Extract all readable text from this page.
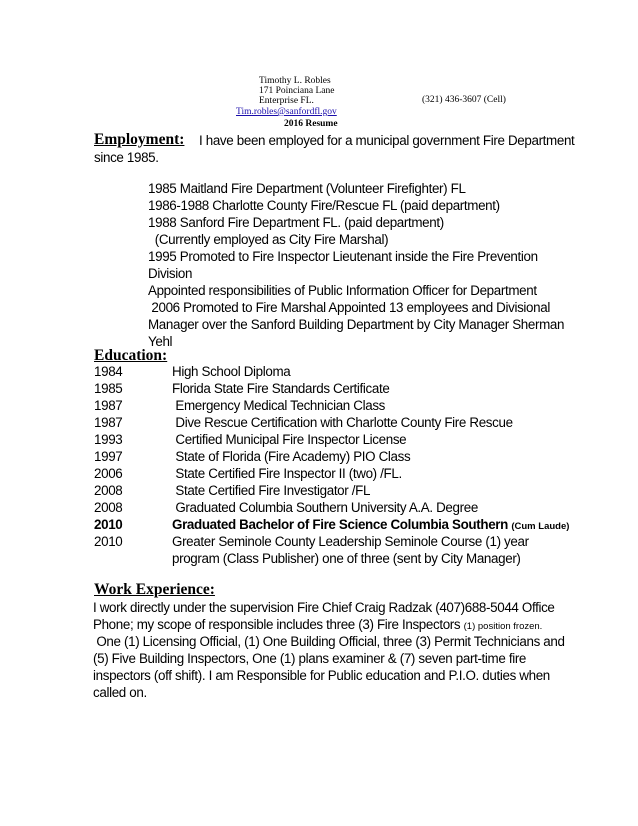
Timothy L. Robles
171 Poinciana Lane
Enterprise FL.	(321) 436-3607 (Cell)
Tim.robles@sanfordfl.gov
2016 Resume
Employment: I have been employed for a municipal government Fire Department
since 1985.
1985 Maitland Fire Department (Volunteer Firefighter) FL
1986-1988 Charlotte County Fire/Rescue FL (paid department)
1988 Sanford Fire Department FL. (paid department)
(Currently employed as City Fire Marshal)
1995 Promoted to Fire Inspector Lieutenant inside the Fire Prevention
Division
Appointed responsibilities of Public Information Officer for Department
2006 Promoted to Fire Marshal Appointed 13 employees and Divisional
Manager over the Sanford Building Department by City Manager Sherman
Yehl
Education:
1984	High School Diploma
1985	Florida State Fire Standards Certificate
1987	Emergency Medical Technician Class
1987	Dive Rescue Certification with Charlotte County Fire Rescue
1993	Certified Municipal Fire Inspector License
1997	State of Florida (Fire Academy) PIO Class
2006	State Certified Fire Inspector II (two) /FL.
2008	State Certified Fire Investigator /FL
2008	Graduated Columbia Southern University A.A. Degree
2010	Graduated Bachelor of Fire Science Columbia Southern (Cum Laude)
2010	Greater Seminole County Leadership Seminole Course (1) year
program (Class Publisher) one of three (sent by City Manager)
Work Experience:
I work directly under the supervision Fire Chief Craig Radzak (407)688-5044 Office
Phone; my scope of responsible includes three (3) Fire Inspectors (1) position frozen.
One (1) Licensing Official, (1) One Building Official, three (3) Permit Technicians and
(5) Five Building Inspectors, One (1) plans examiner & (7) seven part-time fire
inspectors (off shift). I am Responsible for Public education and P.I.O. duties when
called on.
